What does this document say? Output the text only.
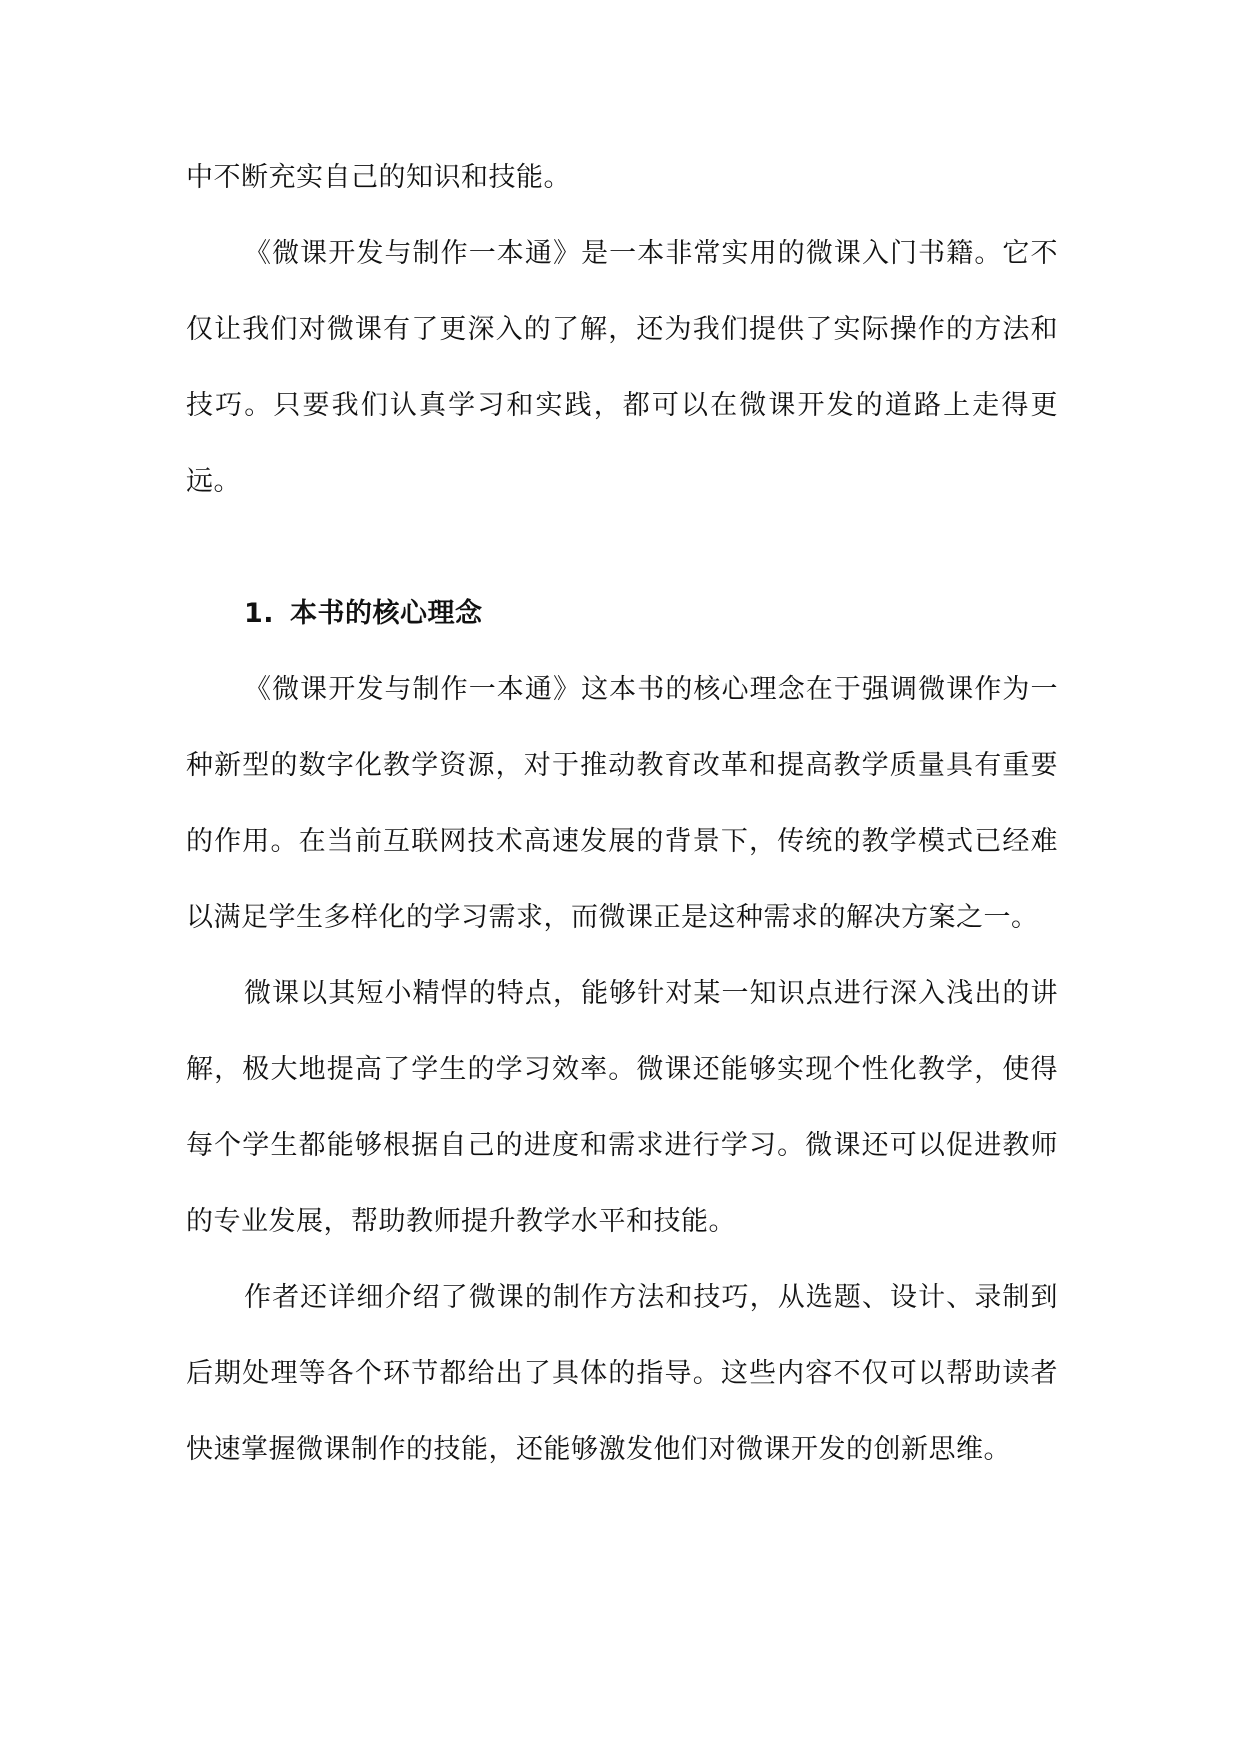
中不断充实自己的知识和技能。

《微课开发与制作一本通》是一本非常实用的微课入门书籍。它不仅让我们对微课有了更深入的了解，还为我们提供了实际操作的方法和技巧。只要我们认真学习和实践，都可以在微课开发的道路上走得更远。

1. 本书的核心理念

《微课开发与制作一本通》这本书的核心理念在于强调微课作为一种新型的数字化教学资源，对于推动教育改革和提高教学质量具有重要的作用。在当前互联网技术高速发展的背景下，传统的教学模式已经难以满足学生多样化的学习需求，而微课正是这种需求的解决方案之一。

微课以其短小精悍的特点，能够针对某一知识点进行深入浅出的讲解，极大地提高了学生的学习效率。微课还能够实现个性化教学，使得每个学生都能够根据自己的进度和需求进行学习。微课还可以促进教师的专业发展，帮助教师提升教学水平和技能。

作者还详细介绍了微课的制作方法和技巧，从选题、设计、录制到后期处理等各个环节都给出了具体的指导。这些内容不仅可以帮助读者快速掌握微课制作的技能，还能够激发他们对微课开发的创新思维。
